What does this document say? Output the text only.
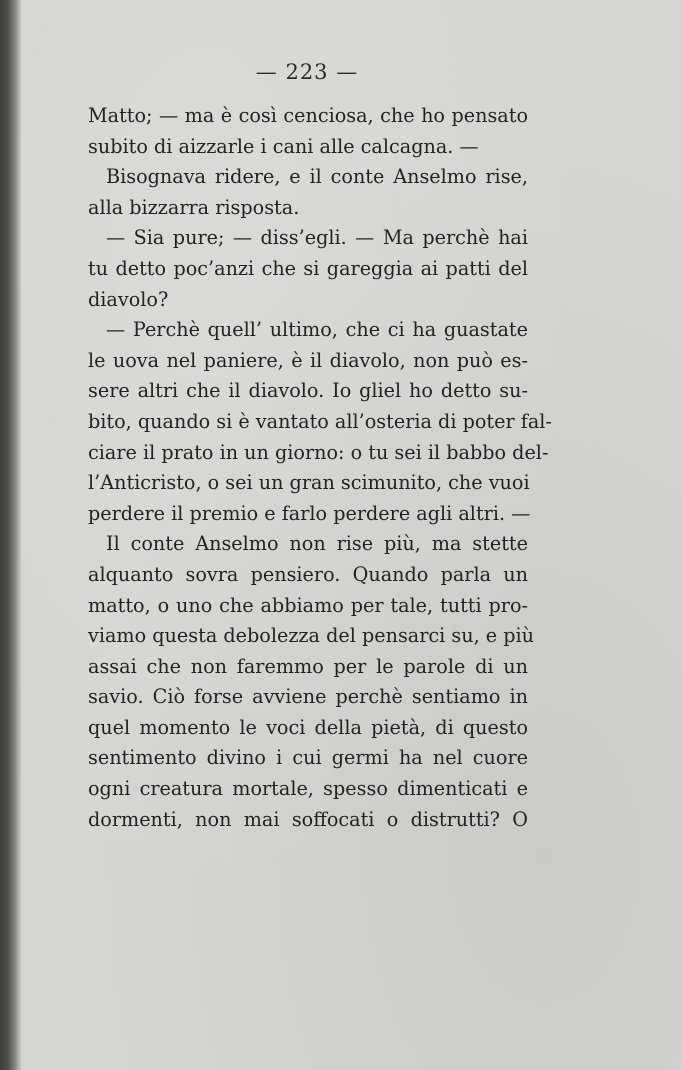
— 223 —
Matto; — ma è così cenciosa, che ho pensato
subito di aizzarle i cani alle calcagna. —
Bisognava ridere, e il conte Anselmo rise,
alla bizzarra risposta.
— Sia pure; — diss’egli. — Ma perchè hai
tu detto poc’anzi che si gareggia ai patti del
diavolo?
— Perchè quell’ ultimo, che ci ha guastate
le uova nel paniere, è il diavolo, non può es-
sere altri che il diavolo. Io gliel ho detto su-
bito, quando si è vantato all’osteria di poter fal-
ciare il prato in un giorno: o tu sei il babbo del-
l’Anticristo, o sei un gran scimunito, che vuoi
perdere il premio e farlo perdere agli altri. —
Il conte Anselmo non rise più, ma stette
alquanto sovra pensiero. Quando parla un
matto, o uno che abbiamo per tale, tutti pro-
viamo questa debolezza del pensarci su, e più
assai che non faremmo per le parole di un
savio. Ciò forse avviene perchè sentiamo in
quel momento le voci della pietà, di questo
sentimento divino i cui germi ha nel cuore
ogni creatura mortale, spesso dimenticati e
dormenti, non mai soffocati o distrutti? O
